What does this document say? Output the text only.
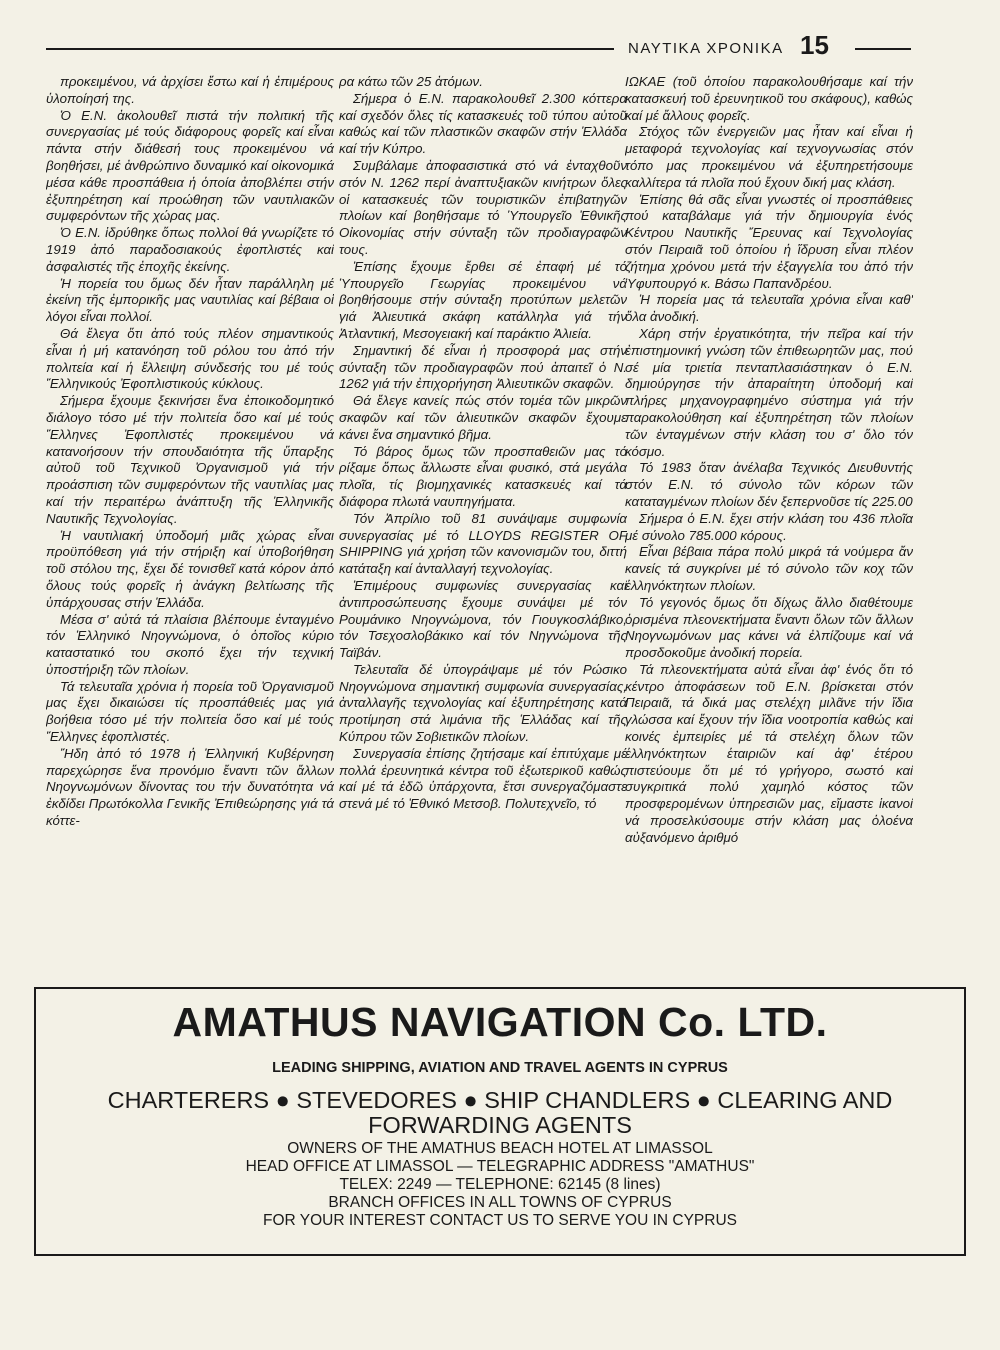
ΝΑΥΤΙΚΑ ΧΡΟΝΙΚΑ 15

προκειμένου, νά ἀρχίσει ἔστω καί ἡ ἐπιμέρους ὑλοποίησή της.

Ὁ Ε.Ν. ἀκολουθεῖ πιστά τήν πολιτική τῆς συνεργασίας μέ τούς διάφορους φορεῖς καί εἶναι πάντα στήν διάθεσή τους προκειμένου νά βοηθήσει, μέ ἀνθρώπινο δυναμικό καί οἰκονομικά μέσα κάθε προσπάθεια ἡ ὁποία ἀποβλέπει στήν ἐξυπηρέτηση καί προώθηση τῶν ναυτιλιακῶν συμφερόντων τῆς χώρας μας.

Ὁ Ε.Ν. ἱδρύθηκε ὅπως πολλοί θά γνωρίζετε τό 1919 ἀπό παραδοσιακούς ἐφοπλιστές καί ἀσφαλιστές τῆς ἐποχῆς ἐκείνης.

Ἡ πορεία του ὅμως δέν ἦταν παράλληλη μέ ἐκείνη τῆς ἐμπορικῆς μας ναυτιλίας καί βέβαια οἱ λόγοι εἶναι πολλοί.

Θά ἔλεγα ὅτι ἀπό τούς πλέον σημαντικούς εἶναι ἡ μή κατανόηση τοῦ ρόλου του ἀπό τήν πολιτεία καί ἡ ἔλλειψη σύνδεσής του μέ τούς Ἕλληνικούς Ἐφοπλιστικούς κύκλους.

Σήμερα ἔχουμε ξεκινήσει ἕνα ἐποικοδομητικό διάλογο τόσο μέ τήν πολιτεία ὅσο καί μέ τούς Ἕλληνες Ἐφοπλιστές προκειμένου νά κατανοήσουν τήν σπουδαιότητα τῆς ὕπαρξης αὐτοῦ τοῦ Τεχνικοῦ Ὀργανισμοῦ γιά τήν προάσπιση τῶν συμφερόντων τῆς ναυτιλίας μας καί τήν περαιτέρω ἀνάπτυξη τῆς Ἑλληνικῆς Ναυτικῆς Τεχνολογίας.

Ἡ ναυτιλιακή ὑποδομή μιᾶς χώρας εἶναι προϋπόθεση γιά τήν στήριξη καί ὑποβοήθηση τοῦ στόλου της, ἔχει δέ τονισθεῖ κατά κόρον ἀπό ὅλους τούς φορεῖς ἡ ἀνάγκη βελτίωσης τῆς ὑπάρχουσας στήν Ἑλλάδα.

Μέσα σ' αὐτά τά πλαίσια βλέπουμε ἐνταγμένο τόν Ἑλληνικό Νηογνώμονα, ὁ ὁποῖος κύριο καταστατικό του σκοπό ἔχει τήν τεχνική ὑποστήριξη τῶν πλοίων.

Τά τελευταῖα χρόνια ἡ πορεία τοῦ Ὀργανισμοῦ μας ἔχει δικαιώσει τίς προσπάθειές μας γιά βοήθεια τόσο μέ τήν πολιτεία ὅσο καί μέ τούς Ἕλληνες ἐφοπλιστές.

Ἤδη ἀπό τό 1978 ἡ Ἑλληνική Κυβέρνηση παρεχώρησε ἕνα προνόμιο ἔναντι τῶν ἄλλων Νηογνωμόνων δίνοντας του τήν δυνατότητα νά ἐκδίδει Πρωτόκολλα Γενικῆς Ἐπιθεώρησης γιά τά κόττε-

ρα κάτω τῶν 25 ἀτόμων.

Σήμερα ὁ Ε.Ν. παρακολουθεῖ 2.300 κόττερα καί σχεδόν ὅλες τίς κατασκευές τοῦ τύπου αὐτοῦ καθώς καί τῶν πλαστικῶν σκαφῶν στήν Ἑλλάδα καί τήν Κύπρο.

Συμβάλαμε ἀποφασιστικά στό νά ἐνταχθοῦν στόν Ν. 1262 περί ἀναπτυξιακῶν κινήτρων ὅλες οἱ κατασκευές τῶν τουριστικῶν ἐπιβατηγῶν πλοίων καί βοηθήσαμε τό Ὑπουργεῖο Ἐθνικῆς Οἰκονομίας στήν σύνταξη τῶν προδιαγραφῶν τους.

Ἐπίσης ἔχουμε ἔρθει σέ ἐπαφή μέ τό Ὑπουργεῖο Γεωργίας προκειμένου νά βοηθήσουμε στήν σύνταξη προτύπων μελετῶν γιά Ἀλιευτικά σκάφη κατάλληλα γιά τήν Ἀτλαντική, Μεσογειακή καί παράκτιο Ἀλιεία.

Σημαντική δέ εἶναι ἡ προσφορά μας στήν σύνταξη τῶν προδιαγραφῶν πού ἀπαιτεῖ ὁ Ν. 1262 γιά τήν ἐπιχορήγηση Ἀλιευτικῶν σκαφῶν.

Θά ἔλεγε κανείς πώς στόν τομέα τῶν μικρῶν σκαφῶν καί τῶν ἀλιευτικῶν σκαφῶν ἔχουμε κάνει ἕνα σημαντικό βῆμα.

Τό βάρος ὅμως τῶν προσπαθειῶν μας τό ρίξαμε ὅπως ἄλλωστε εἶναι φυσικό, στά μεγάλα πλοῖα, τίς βιομηχανικές κατασκευές καί τά διάφορα πλωτά ναυπηγήματα.

Τόν Ἀπρίλιο τοῦ 81 συνάψαμε συμφωνία συνεργασίας μέ τό LLOYDS REGISTER OF SHIPPING γιά χρήση τῶν κανονισμῶν του, διττή κατάταξη καί ἀνταλλαγή τεχνολογίας.

Ἐπιμέρους συμφωνίες συνεργασίας καί ἀντιπροσώπευσης ἔχουμε συνάψει μέ τόν Ρουμάνικο Νηογνώμονα, τόν Γιουγκοσλάβικο, τόν Τσεχοσλοβάκικο καί τόν Νηγνώμονα τῆς Ταϊβάν.

Τελευταῖα δέ ὑπογράψαμε μέ τόν Ρώσικο Νηογνώμονα σημαντική συμφωνία συνεργασίας, ἀνταλλαγῆς τεχνολογίας καί ἐξυπηρέτησης κατά προτίμηση στά λιμάνια τῆς Ἑλλάδας καί τῆς Κύπρου τῶν Σοβιετικῶν πλοίων.

Συνεργασία ἐπίσης ζητήσαμε καί ἐπιτύχαμε μέ πολλά ἐρευνητικά κέντρα τοῦ ἐξωτερικοῦ καθώς καί μέ τά ἐδῶ ὑπάρχοντα, ἔτσι συνεργαζόμαστε στενά μέ τό Ἐθνικό Μετσοβ. Πολυτεχνεῖο, τό

ΙΩΚΑΕ (τοῦ ὁποίου παρακολουθήσαμε καί τήν κατασκευή τοῦ ἐρευνητικοῦ του σκάφους), καθώς καί μέ ἄλλους φορεῖς.

Στόχος τῶν ἐνεργειῶν μας ἦταν καί εἶναι ἡ μεταφορά τεχνολογίας καί τεχνογνωσίας στόν τόπο μας προκειμένου νά ἐξυπηρετήσουμε καλλίτερα τά πλοῖα πού ἔχουν δική μας κλάση.

Ἐπίσης θά σᾶς εἶναι γνωστές οἱ προσπάθειες πού καταβάλαμε γιά τήν δημιουργία ἑνός Κέντρου Ναυτικῆς Ἔρευνας καί Τεχνολογίας στόν Πειραιᾶ τοῦ ὁποίου ἡ ἵδρυση εἶναι πλέον ζήτημα χρόνου μετά τήν ἐξαγγελία του ἀπό τήν Ὑφυπουργό κ. Βάσω Παπανδρέου.

Ἡ πορεία μας τά τελευταῖα χρόνια εἶναι καθ' ὅλα ἀνοδική.

Χάρη στήν ἐργατικότητα, τήν πεῖρα καί τήν ἐπιστημονική γνώση τῶν ἐπιθεωρητῶν μας, πού σέ μία τριετία πενταπλασιάστηκαν ὁ Ε.Ν. δημιούργησε τήν ἀπαραίτητη ὑποδομή καί πλήρες μηχανογραφημένο σύστημα γιά τήν παρακολούθηση καί ἐξυπηρέτηση τῶν πλοίων τῶν ἐνταγμένων στήν κλάση του σ' ὅλο τόν κόσμο.

Τό 1983 ὅταν ἀνέλαβα Τεχνικός Διευθυντής στόν Ε.Ν. τό σύνολο τῶν κόρων τῶν καταταγμένων πλοίων δέν ξεπερνοῦσε τίς 225.00

Σήμερα ὁ Ε.Ν. ἔχει στήν κλάση του 436 πλοῖα μέ σύνολο 785.000 κόρους.

Εἶναι βέβαια πάρα πολύ μικρά τά νούμερα ἄν κανείς τά συγκρίνει μέ τό σύνολο τῶν κοχ τῶν ἑλληνόκτητων πλοίων.

Τό γεγονός ὅμως ὅτι δίχως ἄλλο διαθέτουμε ὁρισμένα πλεονεκτήματα ἔναντι ὅλων τῶν ἄλλων Νηογνωμόνων μας κάνει νά ἐλπίζουμε καί νά προσδοκοῦμε ἀνοδική πορεία.

Τά πλεονεκτήματα αὐτά εἶναι ἀφ' ἑνός ὅτι τό κέντρο ἀποφάσεων τοῦ Ε.Ν. βρίσκεται στόν Πειραιᾶ, τά δικά μας στελέχη μιλᾶνε τήν ἴδια γλώσσα καί ἔχουν τήν ἴδια νοοτροπία καθώς καί κοινές ἐμπειρίες μέ τά στελέχη ὅλων τῶν ἑλληνόκτητων ἑταιριῶν καί ἀφ' ἑτέρου πιστεύουμε ὅτι μέ τό γρήγορο, σωστό καί συγκριτικά πολύ χαμηλό κόστος τῶν προσφερομένων ὑπηρεσιῶν μας, εἴμαστε ἱκανοί νά προσελκύσουμε στήν κλάση μας ὁλοένα αὐξανόμενο ἀριθμό

AMATHUS NAVIGATION Co. LTD.
LEADING SHIPPING, AVIATION AND TRAVEL AGENTS IN CYPRUS
CHARTERERS ● STEVEDORES ● SHIP CHANDLERS ● CLEARING AND FORWARDING AGENTS
OWNERS OF THE AMATHUS BEACH HOTEL AT LIMASSOL
HEAD OFFICE AT LIMASSOL — TELEGRAPHIC ADDRESS "AMATHUS"
TELEX: 2249 — TELEPHONE: 62145 (8 lines)
BRANCH OFFICES IN ALL TOWNS OF CYPRUS
FOR YOUR INTEREST CONTACT US TO SERVE YOU IN CYPRUS
